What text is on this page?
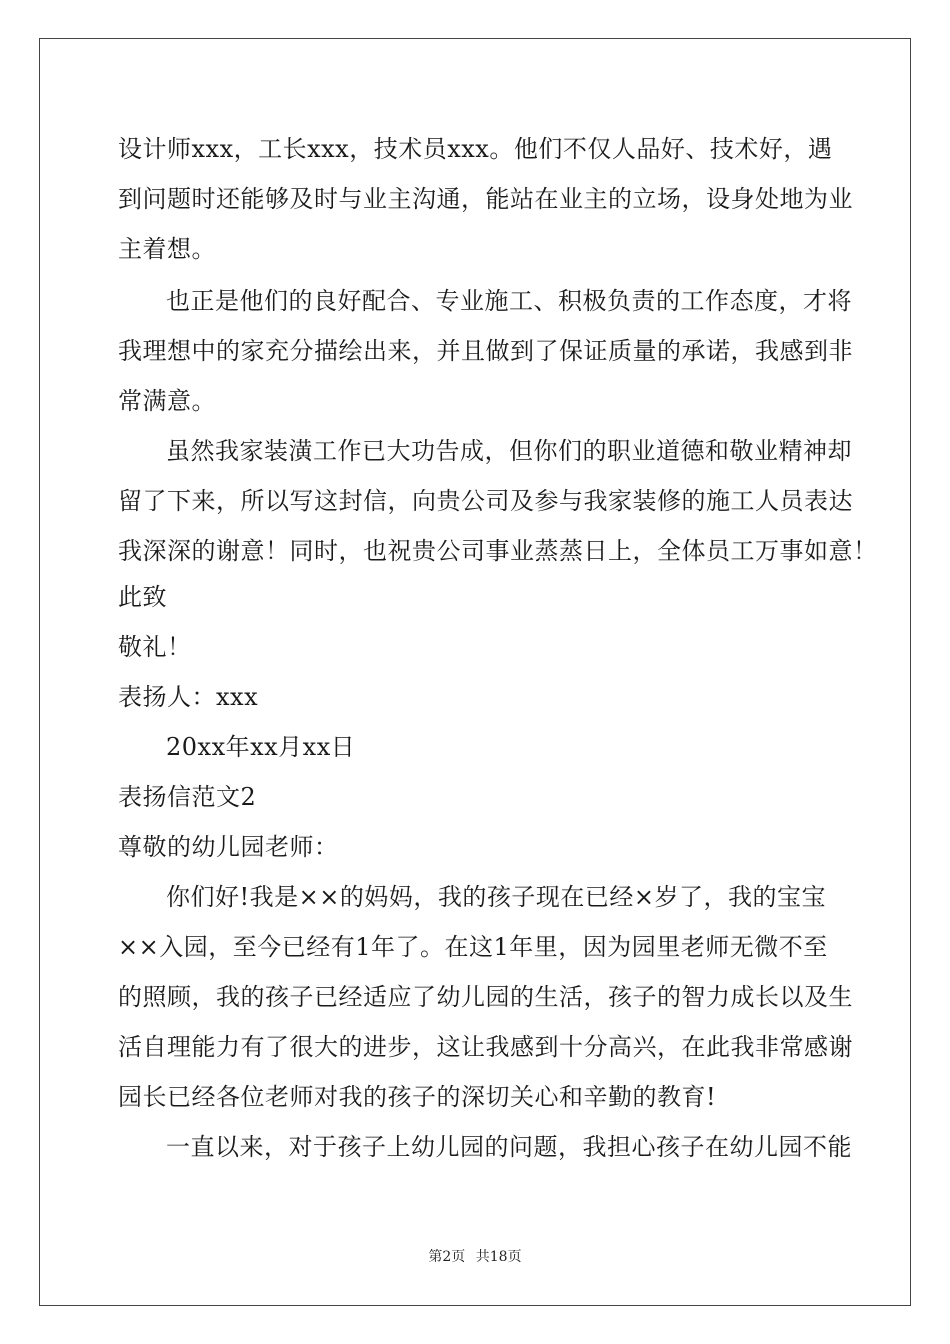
设计师xxx，工长xxx，技术员xxx。他们不仅人品好、技术好，遇
到问题时还能够及时与业主沟通，能站在业主的立场，设身处地为业
主着想。
也正是他们的良好配合、专业施工、积极负责的工作态度，才将
我理想中的家充分描绘出来，并且做到了保证质量的承诺，我感到非
常满意。
虽然我家装潢工作已大功告成，但你们的职业道德和敬业精神却
留了下来，所以写这封信，向贵公司及参与我家装修的施工人员表达
我深深的谢意！同时，也祝贵公司事业蒸蒸日上，全体员工万事如意！
此致
敬礼！
表扬人：xxx
20xx年xx月xx日
表扬信范文2
尊敬的幼儿园老师：
你们好!我是××的妈妈，我的孩子现在已经×岁了，我的宝宝
××入园，至今已经有1年了。在这1年里，因为园里老师无微不至
的照顾，我的孩子已经适应了幼儿园的生活，孩子的智力成长以及生
活自理能力有了很大的进步，这让我感到十分高兴，在此我非常感谢
园长已经各位老师对我的孩子的深切关心和辛勤的教育!
一直以来，对于孩子上幼儿园的问题，我担心孩子在幼儿园不能
第2页 共18页
